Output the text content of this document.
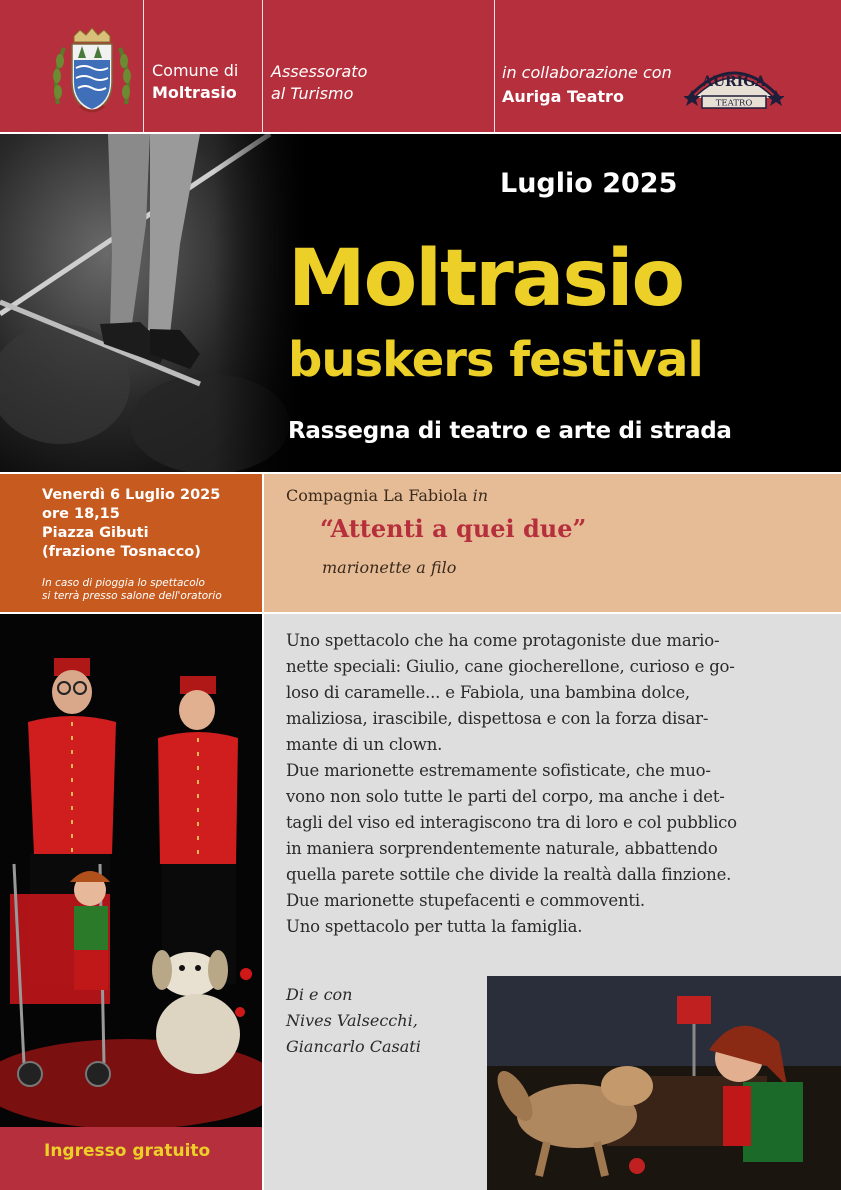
Comune di
Moltrasio
Assessorato
al Turismo
in collaborazione con
Auriga Teatro
AURIGA
TEATRO
Luglio 2025
Moltrasio
buskers festival
Rassegna di teatro e arte di strada
Venerdì 6 Luglio 2025
ore 18,15
Piazza Gibuti
(frazione Tosnacco)
In caso di pioggia lo spettacolo
si terrà presso salone dell'oratorio
Compagnia La Fabiola in
“Attenti a quei due”
marionette a filo
Ingresso gratuito
Uno spettacolo che ha come protagoniste due mario-
nette speciali: Giulio, cane giocherellone, curioso e go-
loso di caramelle... e Fabiola, una bambina dolce,
maliziosa, irascibile, dispettosa e con la forza disar-
mante di un clown.
Due marionette estremamente sofisticate, che muo-
vono non solo tutte le parti del corpo, ma anche i det-
tagli del viso ed interagiscono tra di loro e col pubblico
in maniera sorprendentemente naturale, abbattendo
quella parete sottile che divide la realtà dalla finzione.
Due marionette stupefacenti e commoventi.
Uno spettacolo per tutta la famiglia.
Di e con
Nives Valsecchi,
Giancarlo Casati
